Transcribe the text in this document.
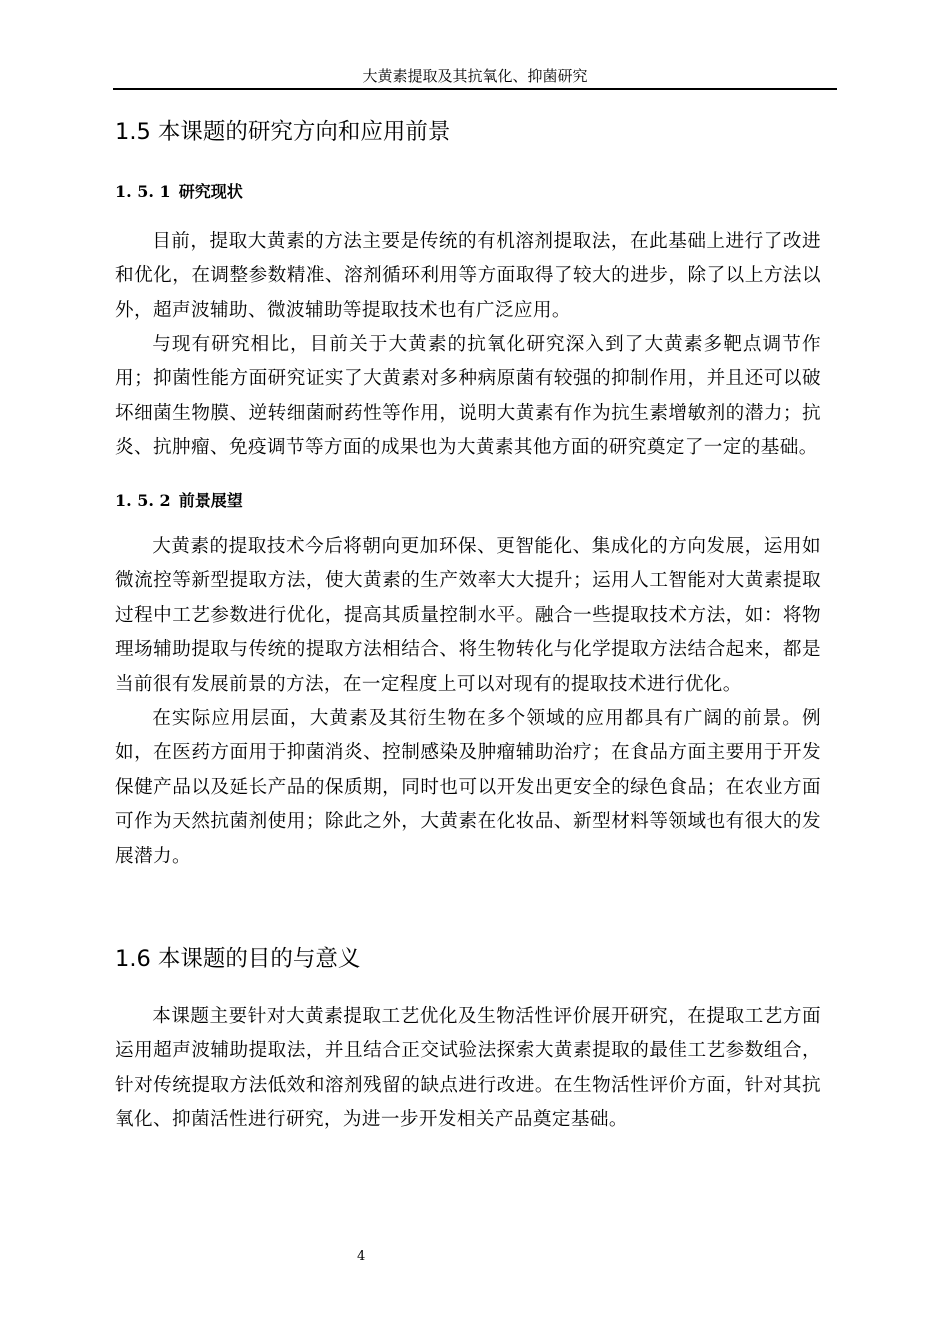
大黄素提取及其抗氧化、抑菌研究
1.5 本课题的研究方向和应用前景
1. 5. 1 研究现状

目前，提取大黄素的方法主要是传统的有机溶剂提取法，在此基础上进行了改进和优化，在调整参数精准、溶剂循环利用等方面取得了较大的进步，除了以上方法以外，超声波辅助、微波辅助等提取技术也有广泛应用。

与现有研究相比，目前关于大黄素的抗氧化研究深入到了大黄素多靶点调节作用；抑菌性能方面研究证实了大黄素对多种病原菌有较强的抑制作用，并且还可以破坏细菌生物膜、逆转细菌耐药性等作用，说明大黄素有作为抗生素增敏剂的潜力；抗炎、抗肿瘤、免疫调节等方面的成果也为大黄素其他方面的研究奠定了一定的基础。

1. 5. 2 前景展望

大黄素的提取技术今后将朝向更加环保、更智能化、集成化的方向发展，运用如微流控等新型提取方法，使大黄素的生产效率大大提升；运用人工智能对大黄素提取过程中工艺参数进行优化，提高其质量控制水平。融合一些提取技术方法，如：将物理场辅助提取与传统的提取方法相结合、将生物转化与化学提取方法结合起来，都是当前很有发展前景的方法，在一定程度上可以对现有的提取技术进行优化。

在实际应用层面，大黄素及其衍生物在多个领域的应用都具有广阔的前景。例如，在医药方面用于抑菌消炎、控制感染及肿瘤辅助治疗；在食品方面主要用于开发保健产品以及延长产品的保质期，同时也可以开发出更安全的绿色食品；在农业方面可作为天然抗菌剂使用；除此之外，大黄素在化妆品、新型材料等领域也有很大的发展潜力。

1.6 本课题的目的与意义

本课题主要针对大黄素提取工艺优化及生物活性评价展开研究，在提取工艺方面运用超声波辅助提取法，并且结合正交试验法探索大黄素提取的最佳工艺参数组合，针对传统提取方法低效和溶剂残留的缺点进行改进。在生物活性评价方面，针对其抗氧化、抑菌活性进行研究，为进一步开发相关产品奠定基础。

4
